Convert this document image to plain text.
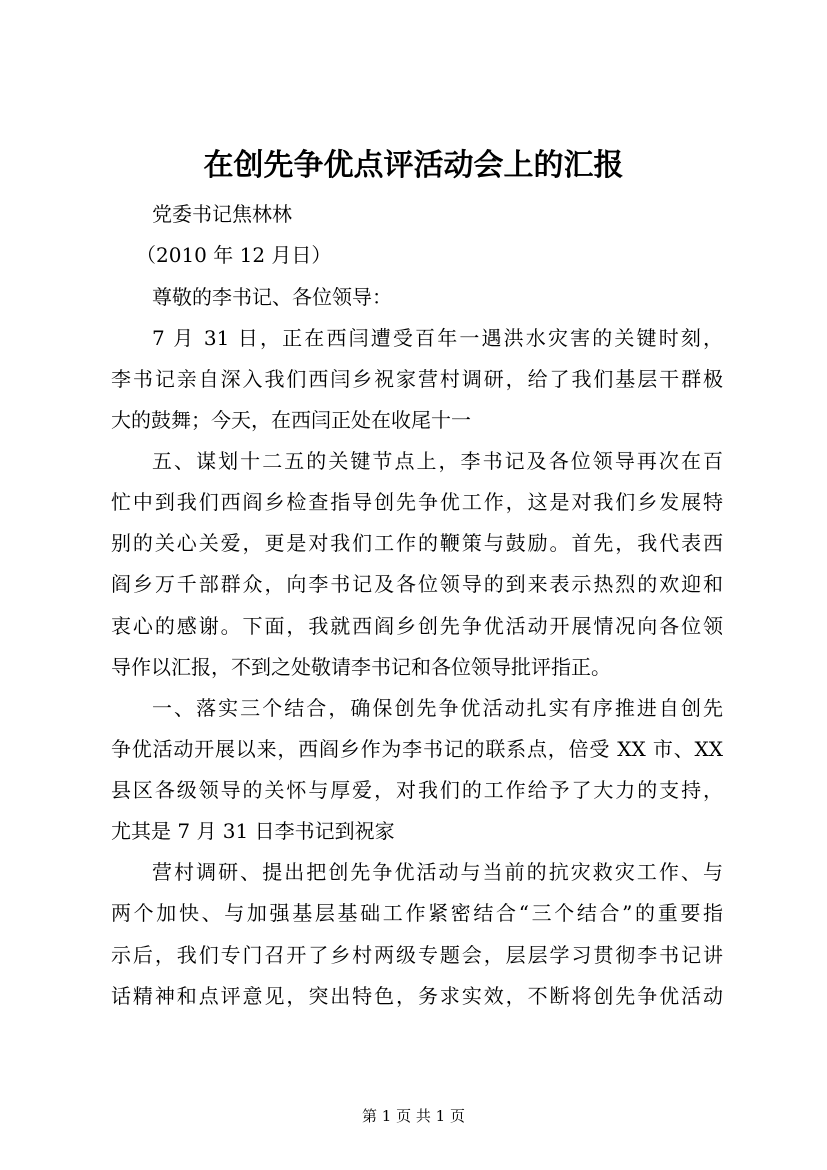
在创先争优点评活动会上的汇报
党委书记焦林林
（2010 年 12 月日）
尊敬的李书记、各位领导：
7 月 31 日，正在西闫遭受百年一遇洪水灾害的关键时刻，
李书记亲自深入我们西闫乡祝家营村调研，给了我们基层干群极
大的鼓舞；今天，在西闫正处在收尾十一
五、谋划十二五的关键节点上，李书记及各位领导再次在百
忙中到我们西阎乡检查指导创先争优工作，这是对我们乡发展特
别的关心关爱，更是对我们工作的鞭策与鼓励。首先，我代表西
阎乡万千部群众，向李书记及各位领导的到来表示热烈的欢迎和
衷心的感谢。下面，我就西阎乡创先争优活动开展情况向各位领
导作以汇报，不到之处敬请李书记和各位领导批评指正。
一、落实三个结合，确保创先争优活动扎实有序推进自创先
争优活动开展以来，西阎乡作为李书记的联系点，倍受 XX 市、XX
县区各级领导的关怀与厚爱，对我们的工作给予了大力的支持，
尤其是 7 月 31 日李书记到祝家
营村调研、提出把创先争优活动与当前的抗灾救灾工作、与
两个加快、与加强基层基础工作紧密结合“三个结合”的重要指
示后，我们专门召开了乡村两级专题会，层层学习贯彻李书记讲
话精神和点评意见，突出特色，务求实效，不断将创先争优活动
第 1 页 共 1 页
